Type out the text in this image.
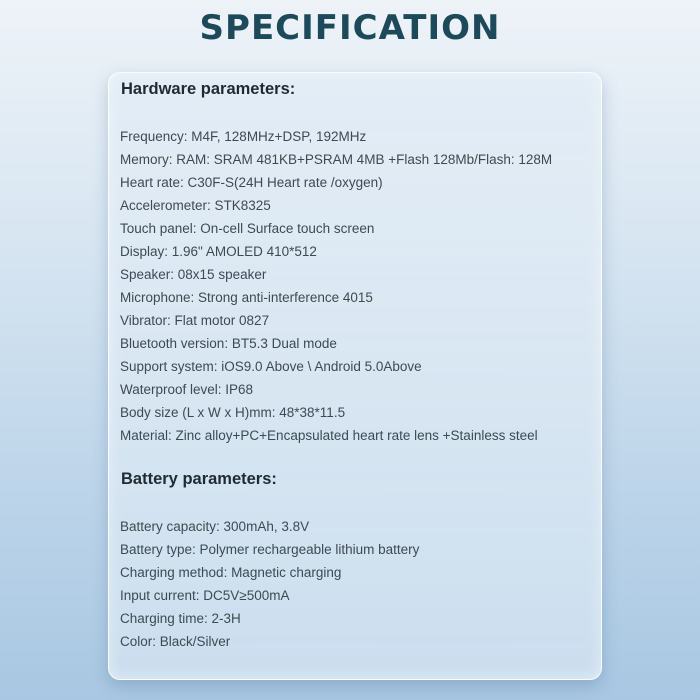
SPECIFICATION
Hardware parameters:
Frequency: M4F, 128MHz+DSP, 192MHz
Memory: RAM: SRAM 481KB+PSRAM 4MB +Flash 128Mb/Flash: 128M
Heart rate: C30F-S(24H Heart rate /oxygen)
Accelerometer: STK8325
Touch panel: On-cell Surface touch screen
Display: 1.96" AMOLED 410*512
Speaker: 08x15 speaker
Microphone: Strong anti-interference 4015
Vibrator: Flat motor 0827
Bluetooth version: BT5.3 Dual mode
Support system: iOS9.0 Above \ Android 5.0Above
Waterproof level: IP68
Body size (L x W x H)mm: 48*38*11.5
Material: Zinc alloy+PC+Encapsulated heart rate lens +Stainless steel
Battery parameters:
Battery capacity: 300mAh, 3.8V
Battery type: Polymer rechargeable lithium battery
Charging method: Magnetic charging
Input current: DC5V≥500mA
Charging time: 2-3H
Color: Black/Silver
